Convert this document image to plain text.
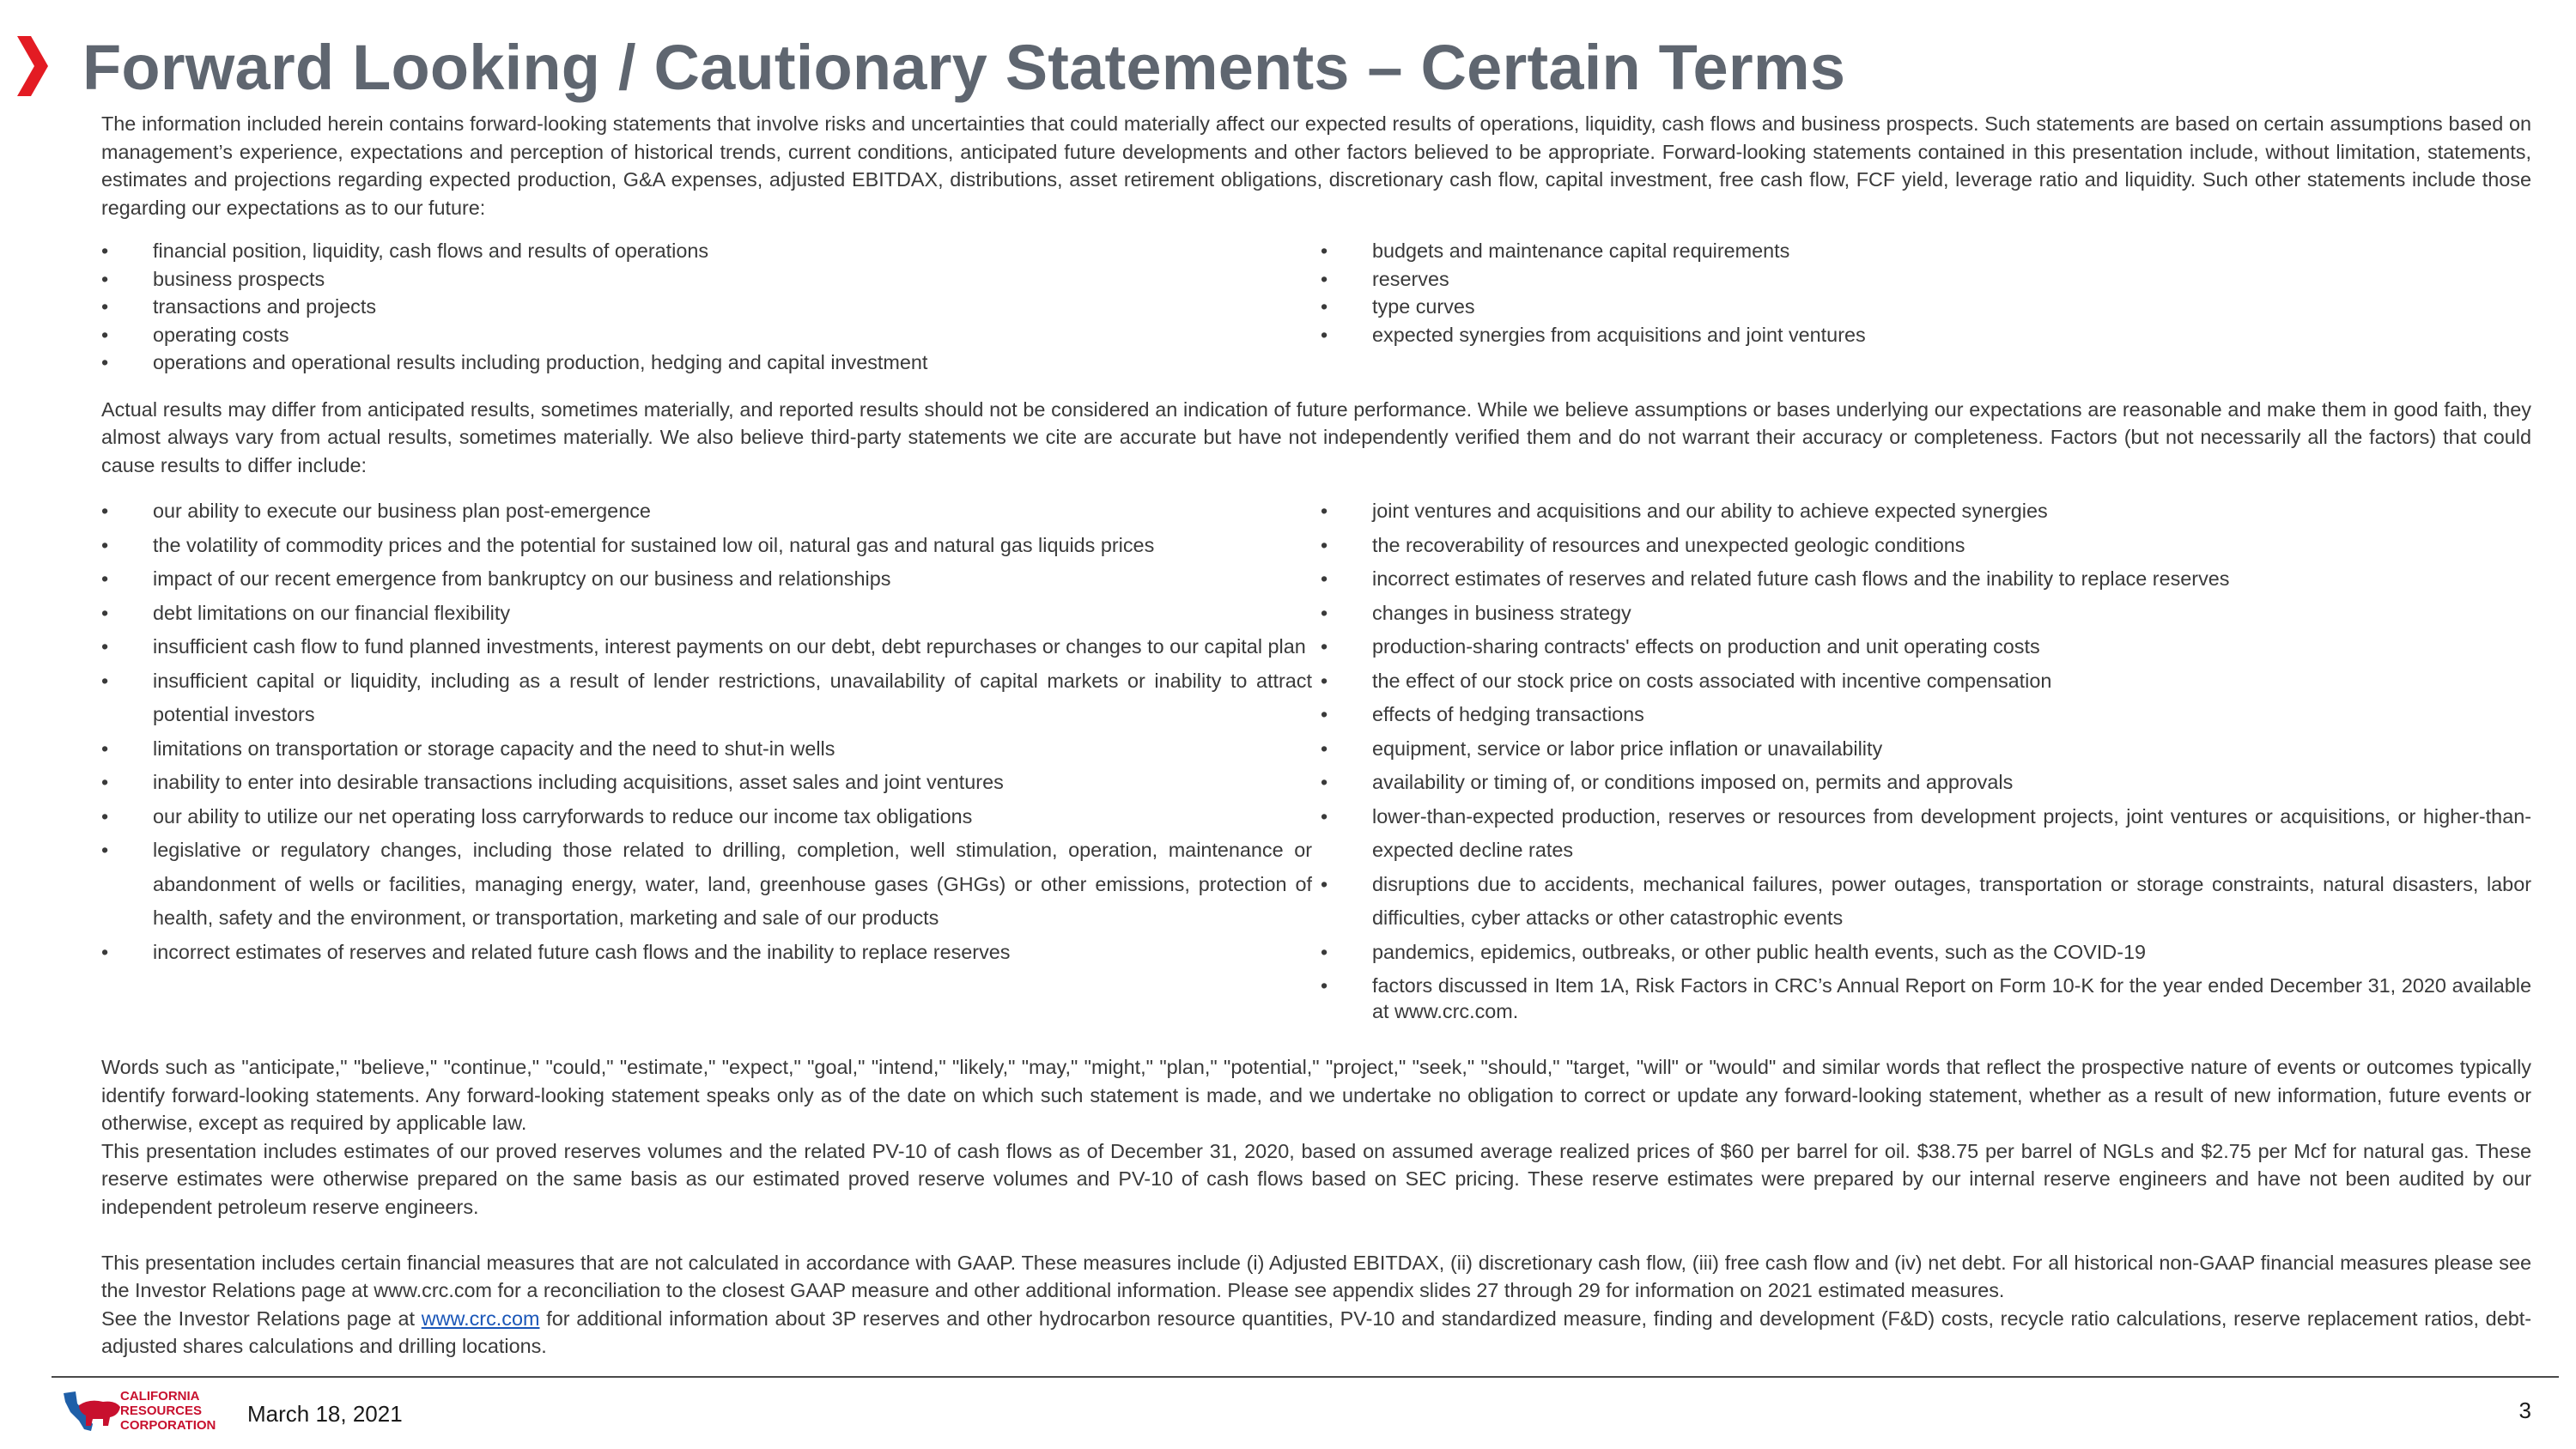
Forward Looking / Cautionary Statements – Certain Terms

The information included herein contains forward-looking statements that involve risks and uncertainties that could materially affect our expected results of operations, liquidity, cash flows and business prospects. Such statements are based on certain assumptions based on management’s experience, expectations and perception of historical trends, current conditions, anticipated future developments and other factors believed to be appropriate. Forward-looking statements contained in this presentation include, without limitation, statements, estimates and projections regarding expected production, G&A expenses, adjusted EBITDAX, distributions, asset retirement obligations, discretionary cash flow, capital investment, free cash flow, FCF yield, leverage ratio and liquidity. Such other statements include those regarding our expectations as to our future:

• financial position, liquidity, cash flows and results of operations
• business prospects
• transactions and projects
• operating costs
• operations and operational results including production, hedging and capital investment
• budgets and maintenance capital requirements
• reserves
• type curves
• expected synergies from acquisitions and joint ventures

Actual results may differ from anticipated results, sometimes materially, and reported results should not be considered an indication of future performance. While we believe assumptions or bases underlying our expectations are reasonable and make them in good faith, they almost always vary from actual results, sometimes materially. We also believe third-party statements we cite are accurate but have not independently verified them and do not warrant their accuracy or completeness. Factors (but not necessarily all the factors) that could cause results to differ include:

• our ability to execute our business plan post-emergence
• the volatility of commodity prices and the potential for sustained low oil, natural gas and natural gas liquids prices
• impact of our recent emergence from bankruptcy on our business and relationships
• debt limitations on our financial flexibility
• insufficient cash flow to fund planned investments, interest payments on our debt, debt repurchases or changes to our capital plan
• insufficient capital or liquidity, including as a result of lender restrictions, unavailability of capital markets or inability to attract potential investors
• limitations on transportation or storage capacity and the need to shut-in wells
• inability to enter into desirable transactions including acquisitions, asset sales and joint ventures
• our ability to utilize our net operating loss carryforwards to reduce our income tax obligations
• legislative or regulatory changes, including those related to drilling, completion, well stimulation, operation, maintenance or abandonment of wells or facilities, managing energy, water, land, greenhouse gases (GHGs) or other emissions, protection of health, safety and the environment, or transportation, marketing and sale of our products
• incorrect estimates of reserves and related future cash flows and the inability to replace reserves
• joint ventures and acquisitions and our ability to achieve expected synergies
• the recoverability of resources and unexpected geologic conditions
• incorrect estimates of reserves and related future cash flows and the inability to replace reserves
• changes in business strategy
• production-sharing contracts' effects on production and unit operating costs
• the effect of our stock price on costs associated with incentive compensation
• effects of hedging transactions
• equipment, service or labor price inflation or unavailability
• availability or timing of, or conditions imposed on, permits and approvals
• lower-than-expected production, reserves or resources from development projects, joint ventures or acquisitions, or higher-than-expected decline rates
• disruptions due to accidents, mechanical failures, power outages, transportation or storage constraints, natural disasters, labor difficulties, cyber attacks or other catastrophic events
• pandemics, epidemics, outbreaks, or other public health events, such as the COVID-19
• factors discussed in Item 1A, Risk Factors in CRC’s Annual Report on Form 10-K for the year ended December 31, 2020 available at www.crc.com.

Words such as "anticipate," "believe," "continue," "could," "estimate," "expect," "goal," "intend," "likely," "may," "might," "plan," "potential," "project," "seek," "should," "target, "will" or "would" and similar words that reflect the prospective nature of events or outcomes typically identify forward-looking statements. Any forward-looking statement speaks only as of the date on which such statement is made, and we undertake no obligation to correct or update any forward-looking statement, whether as a result of new information, future events or otherwise, except as required by applicable law.

This presentation includes estimates of our proved reserves volumes and the related PV-10 of cash flows as of December 31, 2020, based on assumed average realized prices of $60 per barrel for oil. $38.75 per barrel of NGLs and $2.75 per Mcf for natural gas. These reserve estimates were otherwise prepared on the same basis as our estimated proved reserve volumes and PV-10 of cash flows based on SEC pricing. These reserve estimates were prepared by our internal reserve engineers and have not been audited by our independent petroleum reserve engineers.

This presentation includes certain financial measures that are not calculated in accordance with GAAP. These measures include (i) Adjusted EBITDAX, (ii) discretionary cash flow, (iii) free cash flow and (iv) net debt. For all historical non-GAAP financial measures please see the Investor Relations page at www.crc.com for a reconciliation to the closest GAAP measure and other additional information. Please see appendix slides 27 through 29 for information on 2021 estimated measures.

See the Investor Relations page at www.crc.com for additional information about 3P reserves and other hydrocarbon resource quantities, PV-10 and standardized measure, finding and development (F&D) costs, recycle ratio calculations, reserve replacement ratios, debt-adjusted shares calculations and drilling locations.

CALIFORNIA
RESOURCES
CORPORATION March 18, 2021	3
